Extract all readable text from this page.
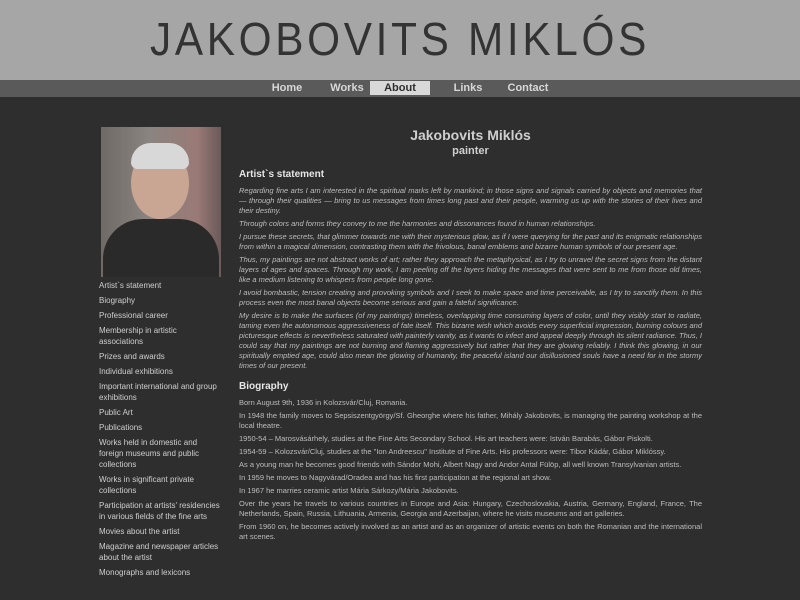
JAKOBOVITS MIKLÓS
Home	Works	About	Links	Contact
Artist`s statement
Biography
Professional career
Membership in artistic associations
Prizes and awards
Individual exhibitions
Important international and group exhibitions
Public Art
Publications
Works held in domestic and foreign museums and public collections
Works in significant private collections
Participation at artists' residencies in various fields of the fine arts
Movies about the artist
Magazine and newspaper articles about the artist
Monographs and lexicons
Jakobovits Miklós
painter
Artist`s statement

Regarding fine arts I am interested in the spiritual marks left by mankind; in those signs and signals carried by objects and memories that — through their qualities — bring to us messages from times long past and their people, warming us up with the stories of their lives and their destiny.

Through colors and forms they convey to me the harmonies and dissonances found in human relationships.

I pursue these secrets, that glimmer towards me with their mysterious glow, as if I were querying for the past and its enigmatic relationships from within a magical dimension, contrasting them with the frivolous, banal emblems and bizarre human symbols of our present age.

Thus, my paintings are not abstract works of art; rather they approach the metaphysical, as I try to unravel the secret signs from the distant layers of ages and spaces. Through my work, I am peeling off the layers hiding the messages that were sent to me from those old times, like a medium listening to whispers from people long gone.

I avoid bombastic, tension creating and provoking symbols and I seek to make space and time perceivable, as I try to sanctify them. In this process even the most banal objects become serious and gain a fateful significance.

My desire is to make the surfaces (of my paintings) timeless, overlapping time consuming layers of color, until they visibly start to radiate, taming even the autonomous aggressiveness of fate itself. This bizarre wish which avoids every superficial impression, burning colours and picturesque effects is nevertheless saturated with painterly vanity, as it wants to infect and appeal deeply through its silent radiance. Thus, I could say that my paintings are not burning and flaming aggressively but rather that they are glowing reliably. I think this glowing, in our spiritually emptied age, could also mean the glowing of humanity, the peaceful island our disillusioned souls have a need for in the stormy times of our present.

Biography

Born August 9th, 1936 in Kolozsvár/Cluj, Romania.

In 1948 the family moves to Sepsiszentgyörgy/Sf. Gheorghe where his father, Mihály Jakobovits, is managing the painting workshop at the local theatre.

1950-54 – Marosvásárhely, studies at the Fine Arts Secondary School. His art teachers were: István Barabás, Gábor Piskolti.

1954-59 – Kolozsvár/Cluj, studies at the "Ion Andreescu" Institute of Fine Arts. His professors were: Tibor Kádár, Gábor Miklóssy.

As a young man he becomes good friends with Sándor Mohi, Albert Nagy and Andor Antal Fülöp, all well known Transylvanian artists.

In 1959 he moves to Nagyvárad/Oradea and has his first participation at the regional art show.

In 1967 he marries ceramic artist Mária Sárkozy/Mária Jakobovits.

Over the years he travels to various countries in Europe and Asia: Hungary, Czechoslovakia, Austria, Germany, England, France, The Netherlands, Spain, Russia, Lithuania, Armenia, Georgia and Azerbaijan, where he visits museums and art galleries.

From 1960 on, he becomes actively involved as an artist and as an organizer of artistic events on both the Romanian and the international art scenes.
